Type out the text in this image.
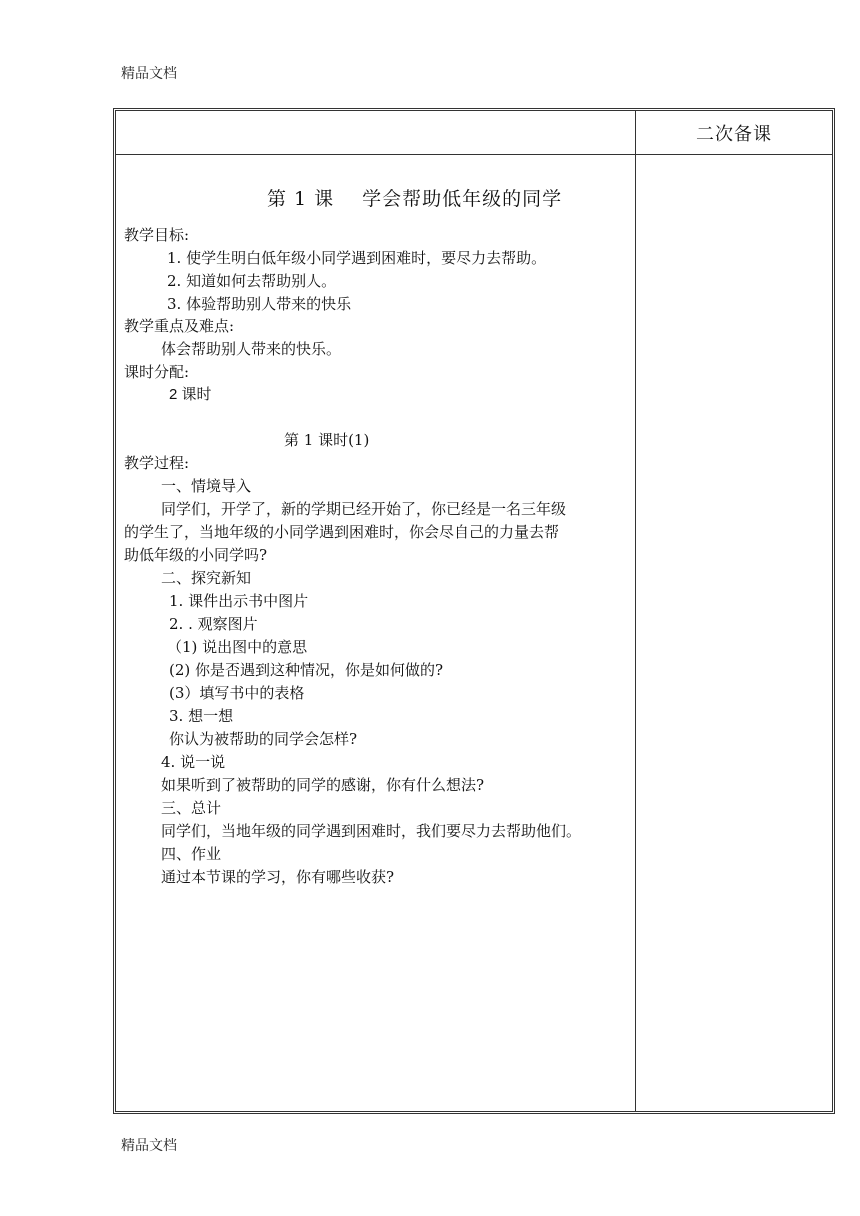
精品文档
二次备课
第 1 课 学会帮助低年级的同学
教学目标:
1. 使学生明白低年级小同学遇到困难时，要尽力去帮助。
2. 知道如何去帮助别人。
3. 体验帮助别人带来的快乐
教学重点及难点:
体会帮助别人带来的快乐。
课时分配:
2 课时
第 1 课时(1)
教学过程:
一、情境导入
同学们，开学了，新的学期已经开始了，你已经是一名三年级
的学生了，当地年级的小同学遇到困难时，你会尽自己的力量去帮
助低年级的小同学吗?
二、探究新知
1. 课件出示书中图片
2. . 观察图片
（1) 说出图中的意思
(2) 你是否遇到这种情况，你是如何做的?
(3）填写书中的表格
3. 想一想
你认为被帮助的同学会怎样?
4. 说一说
如果听到了被帮助的同学的感谢，你有什么想法?
三、总计
同学们，当地年级的同学遇到困难时，我们要尽力去帮助他们。
四、作业
通过本节课的学习，你有哪些收获?
精品文档
